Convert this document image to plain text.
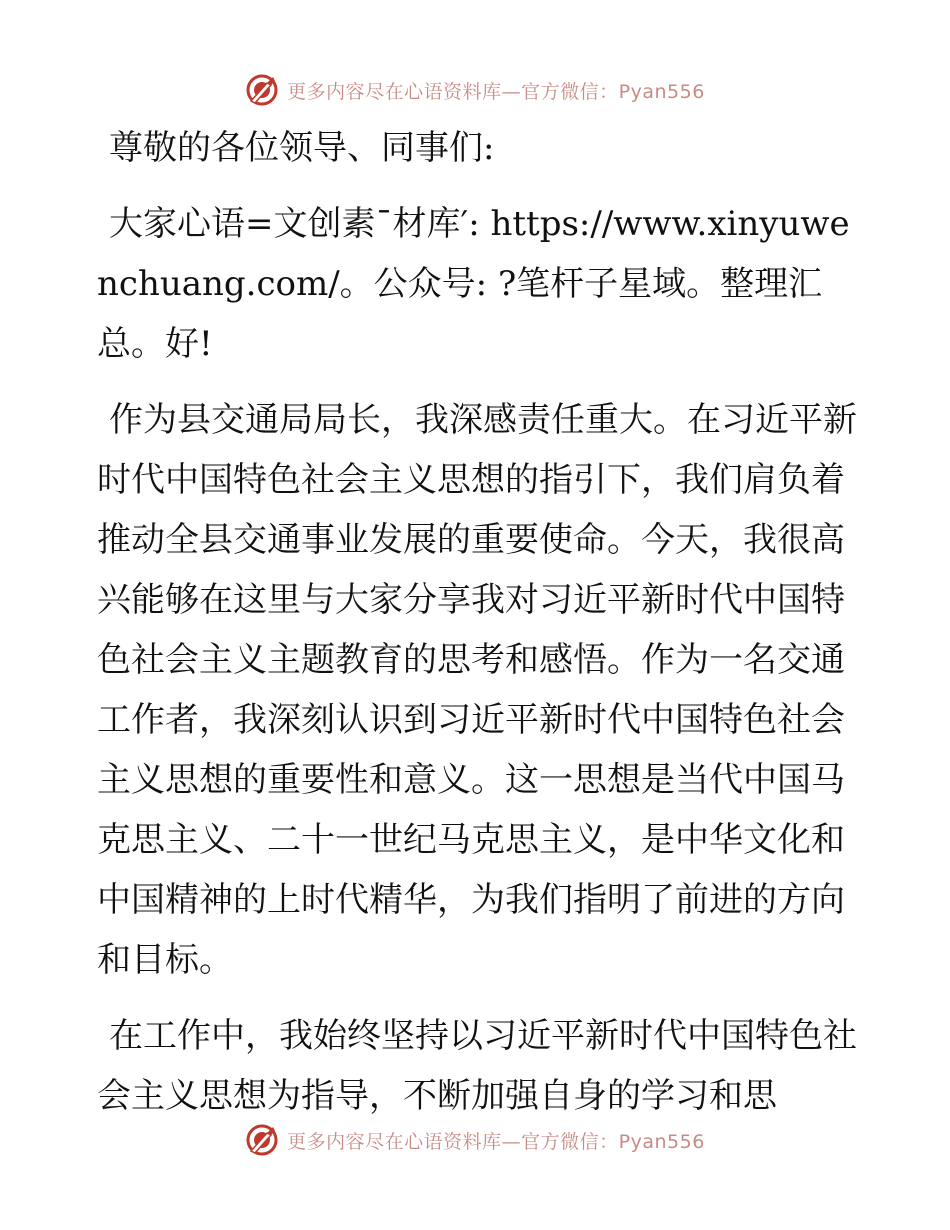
更多内容尽在心语资料库—官方微信：Pyan556

尊敬的各位领导、同事们:

大家心语=文创素¯材库′: https://www.xinyuwenchuang.com/。公众号: ?笔杆子星域。整理汇总。好!

作为县交通局局长，我深感责任重大。在习近平新时代中国特色社会主义思想的指引下，我们肩负着推动全县交通事业发展的重要使命。今天，我很高兴能够在这里与大家分享我对习近平新时代中国特色社会主义主题教育的思考和感悟。作为一名交通工作者，我深刻认识到习近平新时代中国特色社会主义思想的重要性和意义。这一思想是当代中国马克思主义、二十一世纪马克思主义，是中华文化和中国精神的上时代精华，为我们指明了前进的方向和目标。

在工作中，我始终坚持以习近平新时代中国特色社会主义思想为指导，不断加强自身的学习和思

更多内容尽在心语资料库—官方微信：Pyan556
